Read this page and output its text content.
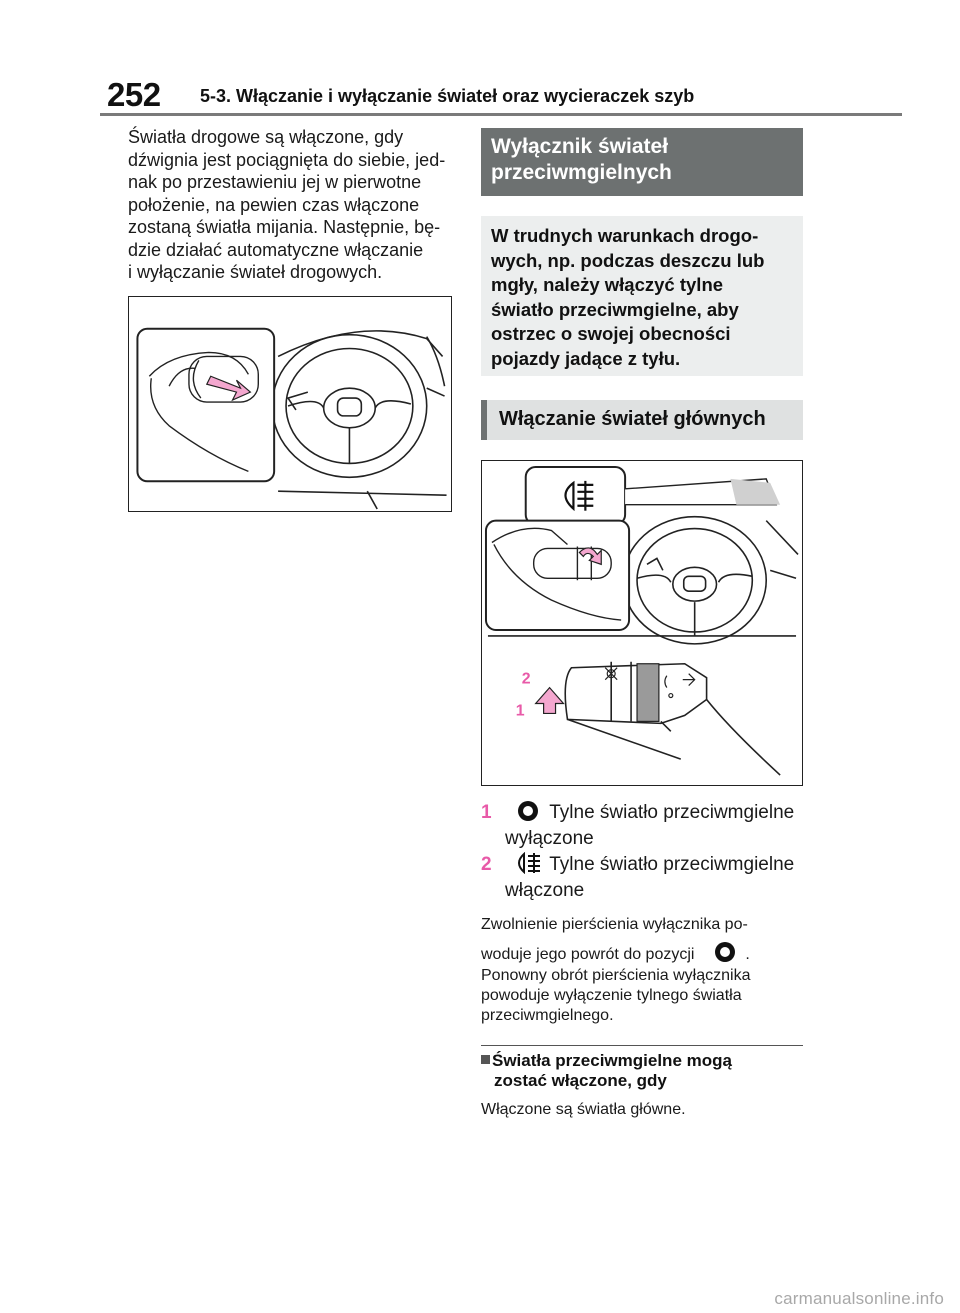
252 5-3. Włączanie i wyłączanie świateł oraz wycieraczek szyb

Światła drogowe są włączone, gdy
dźwignia jest pociągnięta do siebie, jed-
nak po przestawieniu jej w pierwotne
położenie, na pewien czas włączone
zostaną światła mijania. Następnie, bę-
dzie działać automatyczne włączanie
i wyłączanie świateł drogowych.

Wyłącznik świateł
przeciwmgielnych
W trudnych warunkach drogo-
wych, np. podczas deszczu lub
mgły, należy włączyć tylne
światło przeciwmgielne, aby
ostrzec o swojej obecności
pojazdy jadące z tyłu.
Włączanie świateł głównych
2
1
1	Tylne światło przeciwmgielne
wyłączone
2	Tylne światło przeciwmgielne
włączone

Zwolnienie pierścienia wyłącznika po-
woduje jego powrót do pozycji	.

Ponowny obrót pierścienia wyłącznika
powoduje wyłączenie tylnego światła
przeciwmgielnego.

Światła przeciwmgielne mogą
zostać włączone, gdy

Włączone są światła główne.

carmanualsonline.info
